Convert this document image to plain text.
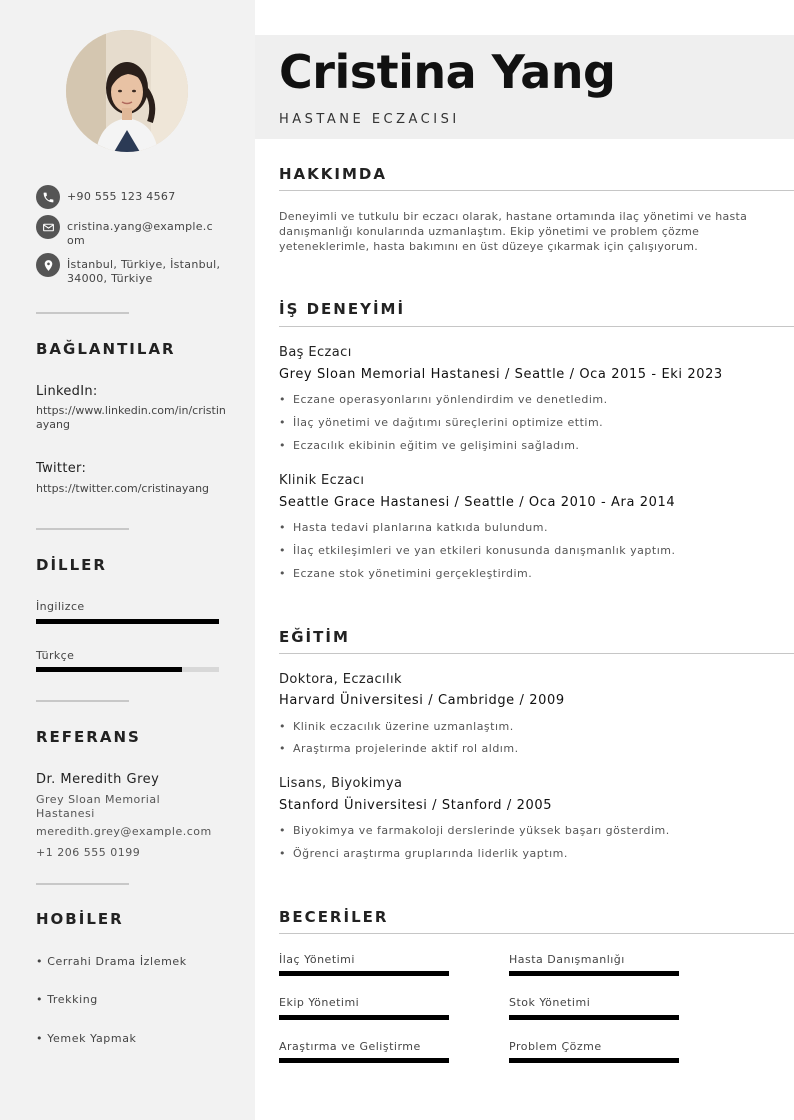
+90 555 123 4567
cristina.yang@example.com
İstanbul, Türkiye, İstanbul, 34000, Türkiye
BAĞLANTILAR
LinkedIn:
https://www.linkedin.com/in/cristinayang
Twitter:
https://twitter.com/cristinayang
DİLLER
İngilizce
Türkçe
REFERANS
Dr. Meredith Grey
Grey Sloan Memorial Hastanesi
meredith.grey@example.com
+1 206 555 0199
HOBİLER
• Cerrahi Drama İzlemek
• Trekking
• Yemek Yapmak
Cristina Yang
HASTANE ECZACISI
HAKKIMDA
Deneyimli ve tutkulu bir eczacı olarak, hastane ortamında ilaç yönetimi ve hasta danışmanlığı konularında uzmanlaştım. Ekip yönetimi ve problem çözme yeteneklerimle, hasta bakımını en üst düzeye çıkarmak için çalışıyorum.
İŞ DENEYİMİ
Baş Eczacı
Grey Sloan Memorial Hastanesi / Seattle / Oca 2015 - Eki 2023
• Eczane operasyonlarını yönlendirdim ve denetledim.
• İlaç yönetimi ve dağıtımı süreçlerini optimize ettim.
• Eczacılık ekibinin eğitim ve gelişimini sağladım.
Klinik Eczacı
Seattle Grace Hastanesi / Seattle / Oca 2010 - Ara 2014
• Hasta tedavi planlarına katkıda bulundum.
• İlaç etkileşimleri ve yan etkileri konusunda danışmanlık yaptım.
• Eczane stok yönetimini gerçekleştirdim.
EĞİTİM
Doktora, Eczacılık
Harvard Üniversitesi / Cambridge / 2009
• Klinik eczacılık üzerine uzmanlaştım.
• Araştırma projelerinde aktif rol aldım.
Lisans, Biyokimya
Stanford Üniversitesi / Stanford / 2005
• Biyokimya ve farmakoloji derslerinde yüksek başarı gösterdim.
• Öğrenci araştırma gruplarında liderlik yaptım.
BECERİLER
İlaç Yönetimi	Hasta Danışmanlığı
Ekip Yönetimi	Stok Yönetimi
Araştırma ve Geliştirme	Problem Çözme
